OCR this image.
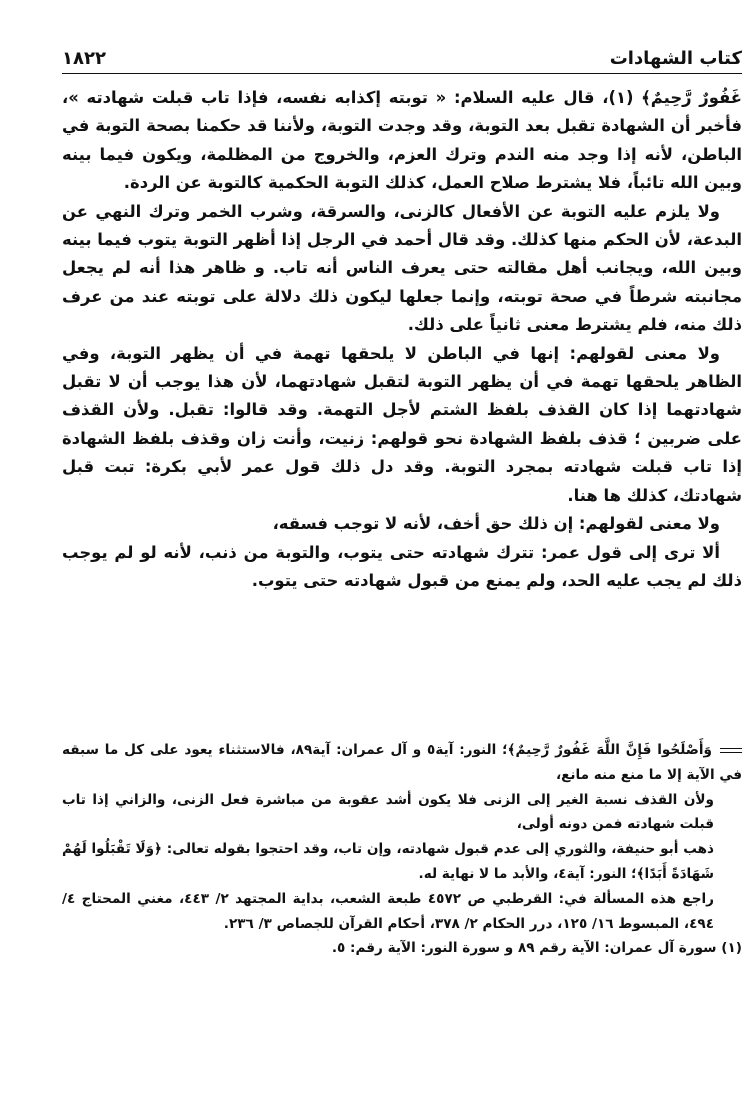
كتاب الشهادات
١٨٢٢

غَفُورٌ رَّحِيمٌ﴾ (١)، قال عليه السلام: « توبته إكذابه نفسه، فإذا تاب قبلت شهادته »، فأخبر أن الشهادة تقبل بعد التوبة، وقد وجدت التوبة، ولأننا قد حكمنا بصحة التوبة في الباطن، لأنه إذا وجد منه الندم وترك العزم، والخروج من المظلمة، ويكون فيما بينه وبين الله تائباً، فلا يشترط صلاح العمل، كذلك التوبة الحكمية كالتوبة عن الردة.

ولا يلزم عليه التوبة عن الأفعال كالزنى، والسرقة، وشرب الخمر وترك النهي عن البدعة، لأن الحكم منها كذلك. وقد قال أحمد في الرجل إذا أظهر التوبة يتوب فيما بينه وبين الله، ويجانب أهل مقالته حتى يعرف الناس أنه تاب. و ظاهر هذا أنه لم يجعل مجانبته شرطاً في صحة توبته، وإنما جعلها ليكون ذلك دلالة على توبته عند من عرف ذلك منه، فلم يشترط معنى ثانياً على ذلك.

ولا معنى لقولهم: إنها في الباطن لا يلحقها تهمة في أن يظهر التوبة، وفي الظاهر يلحقها تهمة في أن يظهر التوبة لتقبل شهادتهما، لأن هذا يوجب أن لا تقبل شهادتهما إذا كان القذف بلفظ الشتم لأجل التهمة. وقد قالوا: تقبل. ولأن القذف على ضربين ؛ قذف بلفظ الشهادة نحو قولهم: زنيت، وأنت زان وقذف بلفظ الشهادة إذا تاب قبلت شهادته بمجرد التوبة. وقد دل ذلك قول عمر لأبي بكرة: تبت قبل شهادتك، كذلك ها هنا.

ولا معنى لقولهم: إن ذلك حق أخف، لأنه لا توجب فسقه،

ألا ترى إلى قول عمر: تترك شهادته حتى يتوب، والتوبة من ذنب، لأنه لو لم يوجب ذلك لم يجب عليه الحد، ولم يمنع من قبول شهادته حتى يتوب.

وَأَصْلَحُوا فَإِنَّ اللَّهَ غَفُورٌ رَّحِيمٌ﴾؛ النور: آية٥ و آل عمران: آية٨٩، فالاستثناء يعود على كل ما سبقه في الآية إلا ما منع منه مانع،

ولأن القذف نسبة الغير إلى الزنى فلا يكون أشد عقوبة من مباشرة فعل الزنى، والزاني إذا تاب قبلت شهادته فمن دونه أولى،

ذهب أبو حنيفة، والثوري إلى عدم قبول شهادته، وإن تاب، وقد احتجوا بقوله تعالى: ﴿وَلَا تَقْبَلُوا لَهُمْ شَهَادَةً أَبَدًا﴾؛ النور: آية٤، والأبد ما لا نهاية له.

راجع هذه المسألة في: القرطبي ص ٤٥٧٢ طبعة الشعب، بداية المجتهد ٢/ ٤٤٣، مغني المحتاج ٤/ ٤٩٤، المبسوط ١٦/ ١٢٥، درر الحكام ٢/ ٣٧٨، أحكام القرآن للجصاص ٣/ ٢٣٦.

(١) سورة آل عمران: الآية رقم ٨٩ و سورة النور: الآية رقم: ٥.
